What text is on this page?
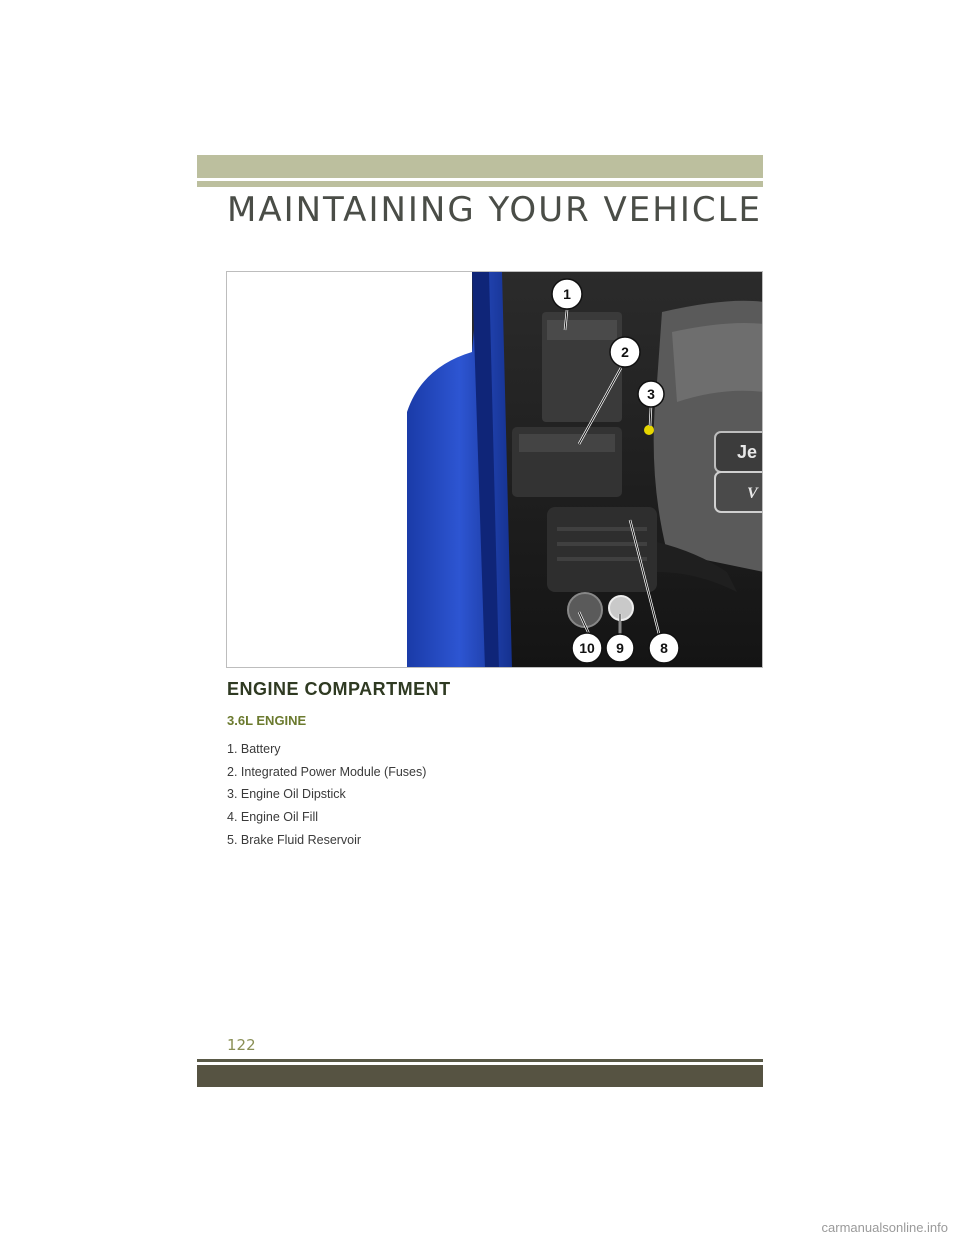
MAINTAINING YOUR VEHICLE
Je
V
1
2
3
10 9	8
ENGINE COMPARTMENT
3.6L ENGINE
1. Battery
2. Integrated Power Module (Fuses)
3. Engine Oil Dipstick
4. Engine Oil Fill
5. Brake Fluid Reservoir
122
carmanualsonline.info
